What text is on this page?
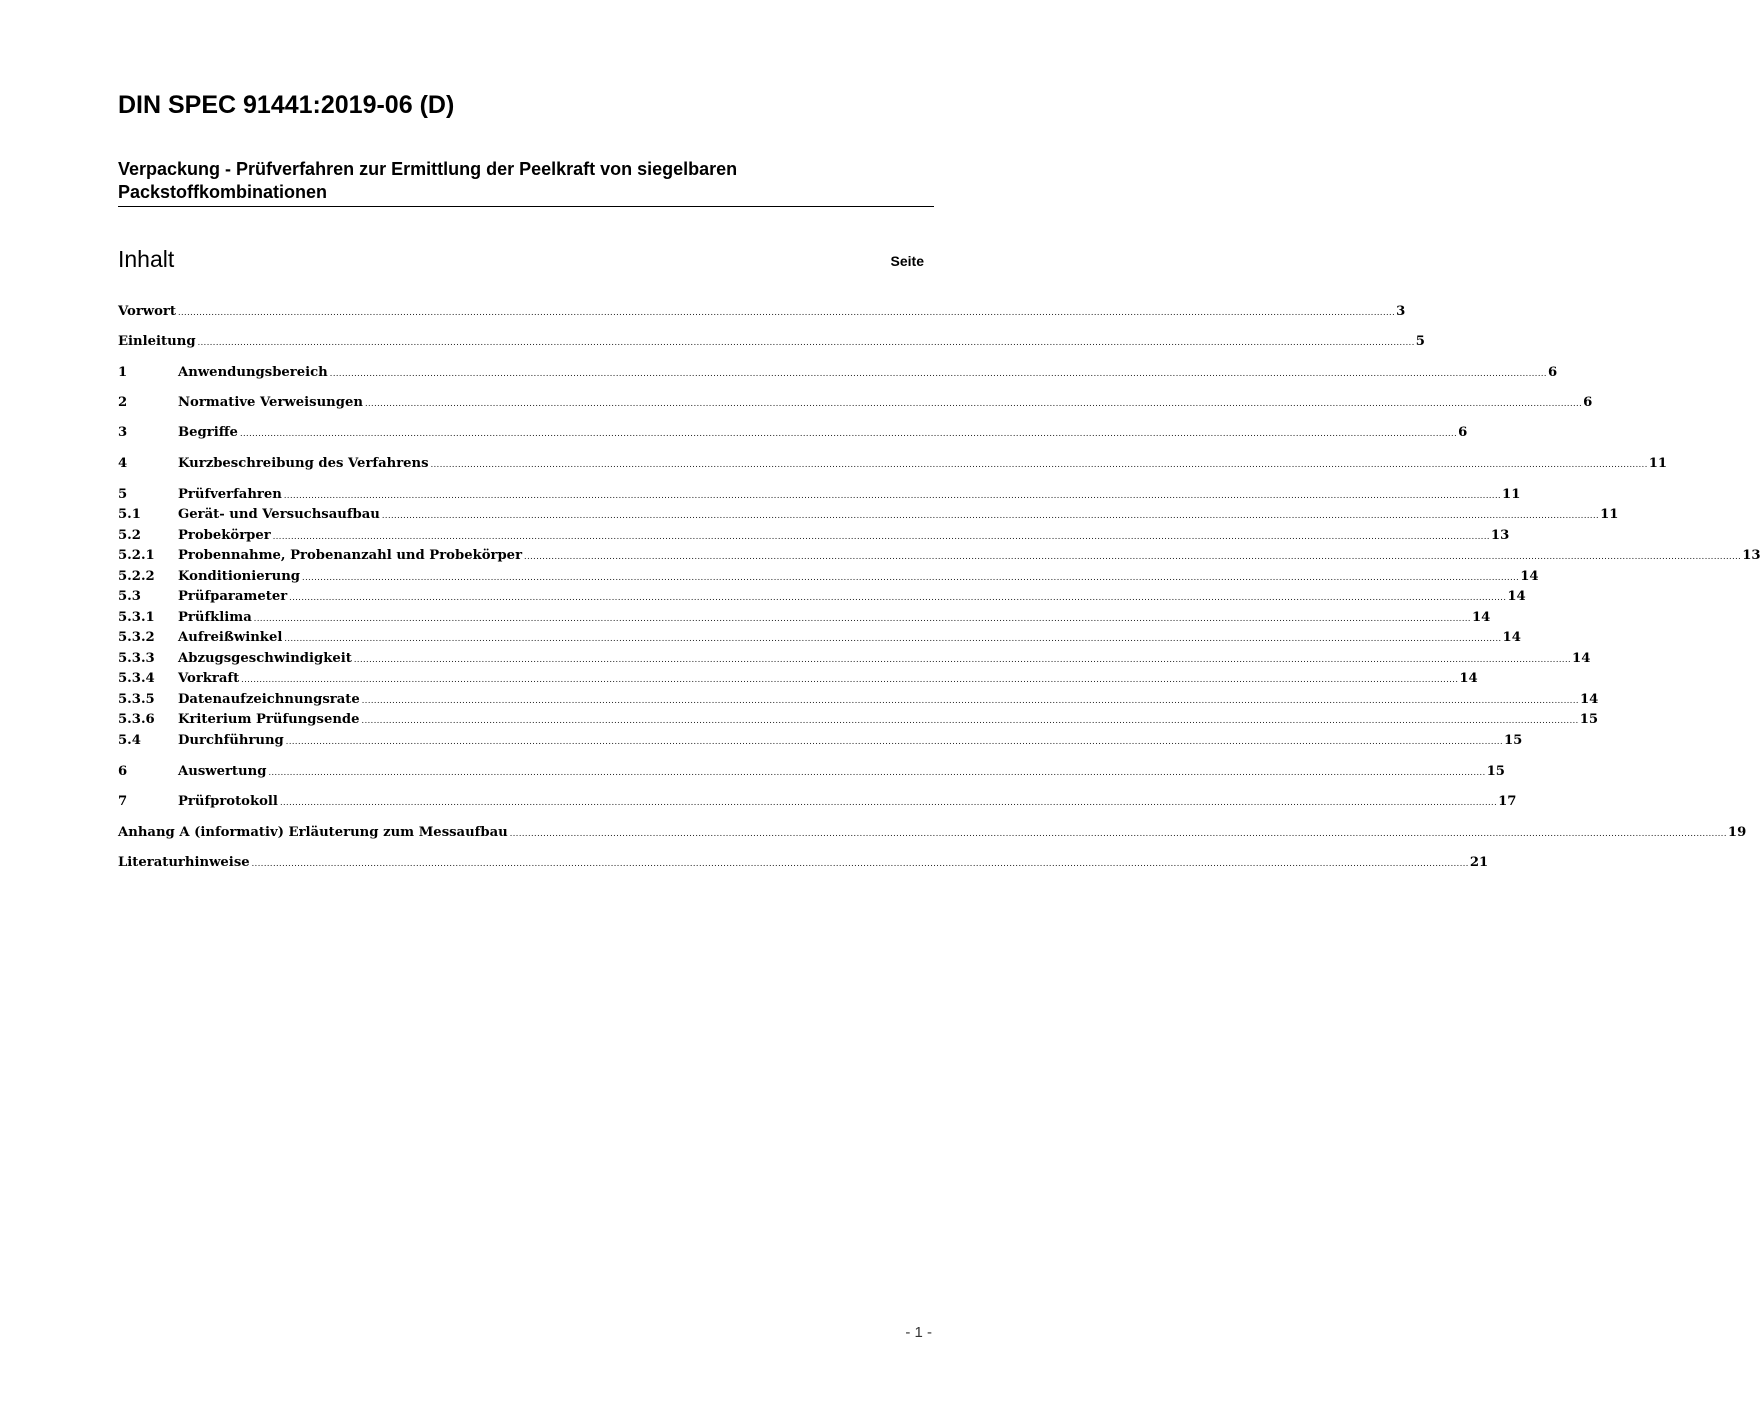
DIN SPEC 91441:2019-06 (D)
Verpackung - Prüfverfahren zur Ermittlung der Peelkraft von siegelbaren Packstoffkombinationen
Inhalt	Seite
Vorwort ................................................................................................................................................................................................................................................................................................................................................................................................................ 3
Einleitung ................................................................................................................................................................................................................................................................................................................................................................................................................ 5
1	Anwendungsbereich ................................................................................................................................................................................................................................................................................................................................................................................................................ 6
2	Normative Verweisungen ................................................................................................................................................................................................................................................................................................................................................................................................................ 6
3	Begriffe ................................................................................................................................................................................................................................................................................................................................................................................................................ 6
4	Kurzbeschreibung des Verfahrens ................................................................................................................................................................................................................................................................................................................................................................................................................ 11
5	Prüfverfahren ................................................................................................................................................................................................................................................................................................................................................................................................................ 11
5.1	Gerät- und Versuchsaufbau ................................................................................................................................................................................................................................................................................................................................................................................................................ 11
5.2	Probekörper ................................................................................................................................................................................................................................................................................................................................................................................................................ 13
5.2.1	Probennahme, Probenanzahl und Probekörper ................................................................................................................................................................................................................................................................................................................................................................................................................ 13
5.2.2	Konditionierung ................................................................................................................................................................................................................................................................................................................................................................................................................ 14
5.3	Prüfparameter ................................................................................................................................................................................................................................................................................................................................................................................................................ 14
5.3.1	Prüfklima ................................................................................................................................................................................................................................................................................................................................................................................................................ 14
5.3.2	Aufreißwinkel ................................................................................................................................................................................................................................................................................................................................................................................................................ 14
5.3.3	Abzugsgeschwindigkeit ................................................................................................................................................................................................................................................................................................................................................................................................................ 14
5.3.4	Vorkraft ................................................................................................................................................................................................................................................................................................................................................................................................................ 14
5.3.5	Datenaufzeichnungsrate ................................................................................................................................................................................................................................................................................................................................................................................................................ 14
5.3.6	Kriterium Prüfungsende ................................................................................................................................................................................................................................................................................................................................................................................................................ 15
5.4	Durchführung ................................................................................................................................................................................................................................................................................................................................................................................................................ 15
6	Auswertung ................................................................................................................................................................................................................................................................................................................................................................................................................ 15
7	Prüfprotokoll ................................................................................................................................................................................................................................................................................................................................................................................................................ 17
Anhang A (informativ) Erläuterung zum Messaufbau ................................................................................................................................................................................................................................................................................................................................................................................................................ 19
Literaturhinweise ................................................................................................................................................................................................................................................................................................................................................................................................................ 21
- 1 -
